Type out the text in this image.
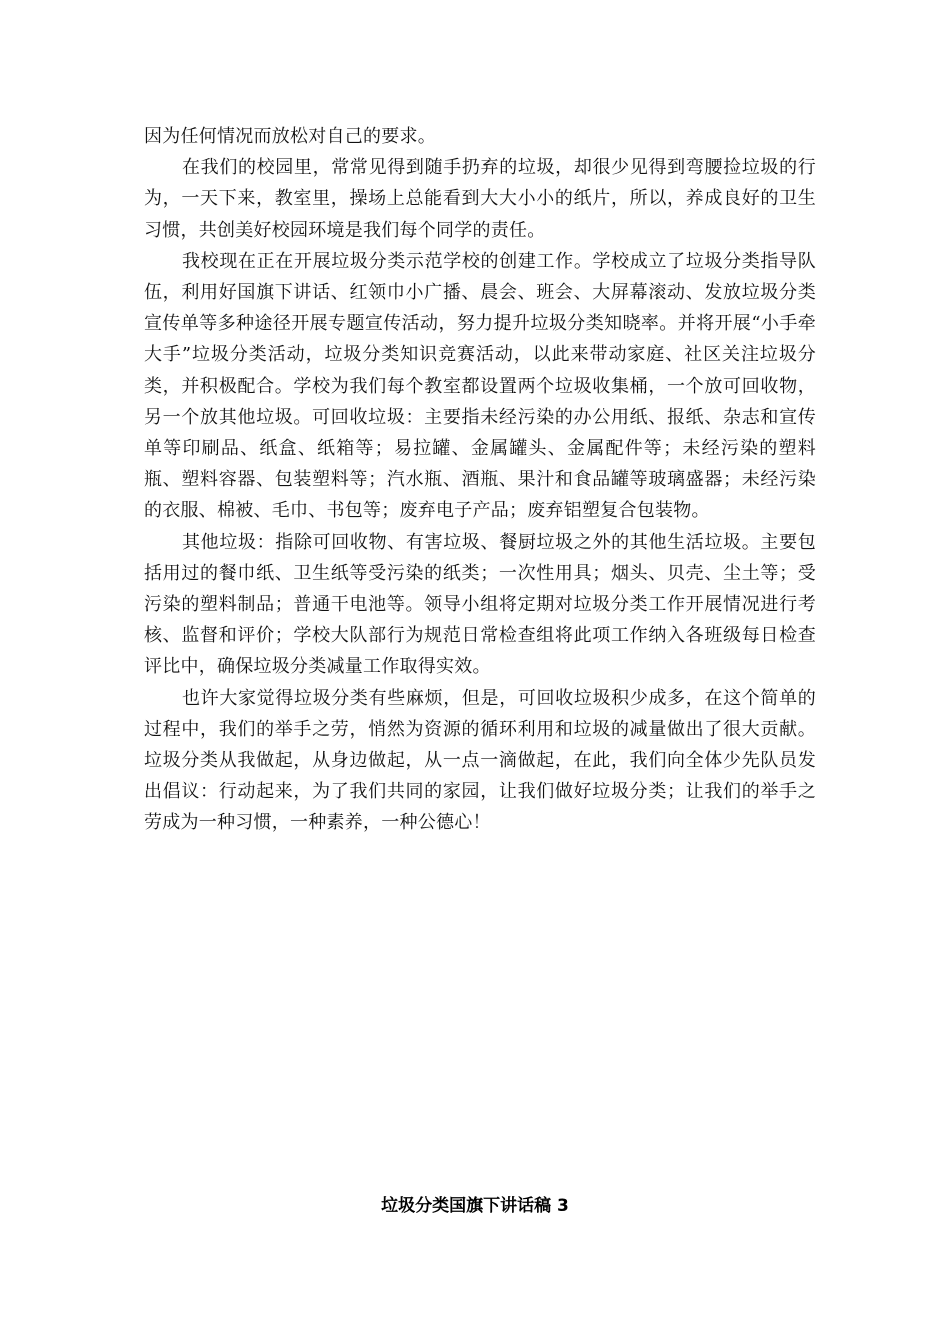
因为任何情况而放松对自己的要求。

在我们的校园里，常常见得到随手扔弃的垃圾，却很少见得到弯腰捡垃圾的行为，一天下来，教室里，操场上总能看到大大小小的纸片，所以，养成良好的卫生习惯，共创美好校园环境是我们每个同学的责任。

我校现在正在开展垃圾分类示范学校的创建工作。学校成立了垃圾分类指导队伍，利用好国旗下讲话、红领巾小广播、晨会、班会、大屏幕滚动、发放垃圾分类宣传单等多种途径开展专题宣传活动，努力提升垃圾分类知晓率。并将开展“小手牵大手”垃圾分类活动，垃圾分类知识竞赛活动，以此来带动家庭、社区关注垃圾分类，并积极配合。学校为我们每个教室都设置两个垃圾收集桶，一个放可回收物，另一个放其他垃圾。可回收垃圾：主要指未经污染的办公用纸、报纸、杂志和宣传单等印刷品、纸盒、纸箱等；易拉罐、金属罐头、金属配件等；未经污染的塑料瓶、塑料容器、包装塑料等；汽水瓶、酒瓶、果汁和食品罐等玻璃盛器；未经污染的衣服、棉被、毛巾、书包等；废弃电子产品；废弃铝塑复合包装物。

其他垃圾：指除可回收物、有害垃圾、餐厨垃圾之外的其他生活垃圾。主要包括用过的餐巾纸、卫生纸等受污染的纸类；一次性用具；烟头、贝壳、尘土等；受污染的塑料制品；普通干电池等。领导小组将定期对垃圾分类工作开展情况进行考核、监督和评价；学校大队部行为规范日常检查组将此项工作纳入各班级每日检查评比中，确保垃圾分类减量工作取得实效。

也许大家觉得垃圾分类有些麻烦，但是，可回收垃圾积少成多，在这个简单的过程中，我们的举手之劳，悄然为资源的循环利用和垃圾的减量做出了很大贡献。垃圾分类从我做起，从身边做起，从一点一滴做起，在此，我们向全体少先队员发出倡议：行动起来，为了我们共同的家园，让我们做好垃圾分类；让我们的举手之劳成为一种习惯，一种素养，一种公德心！

垃圾分类国旗下讲话稿 3
